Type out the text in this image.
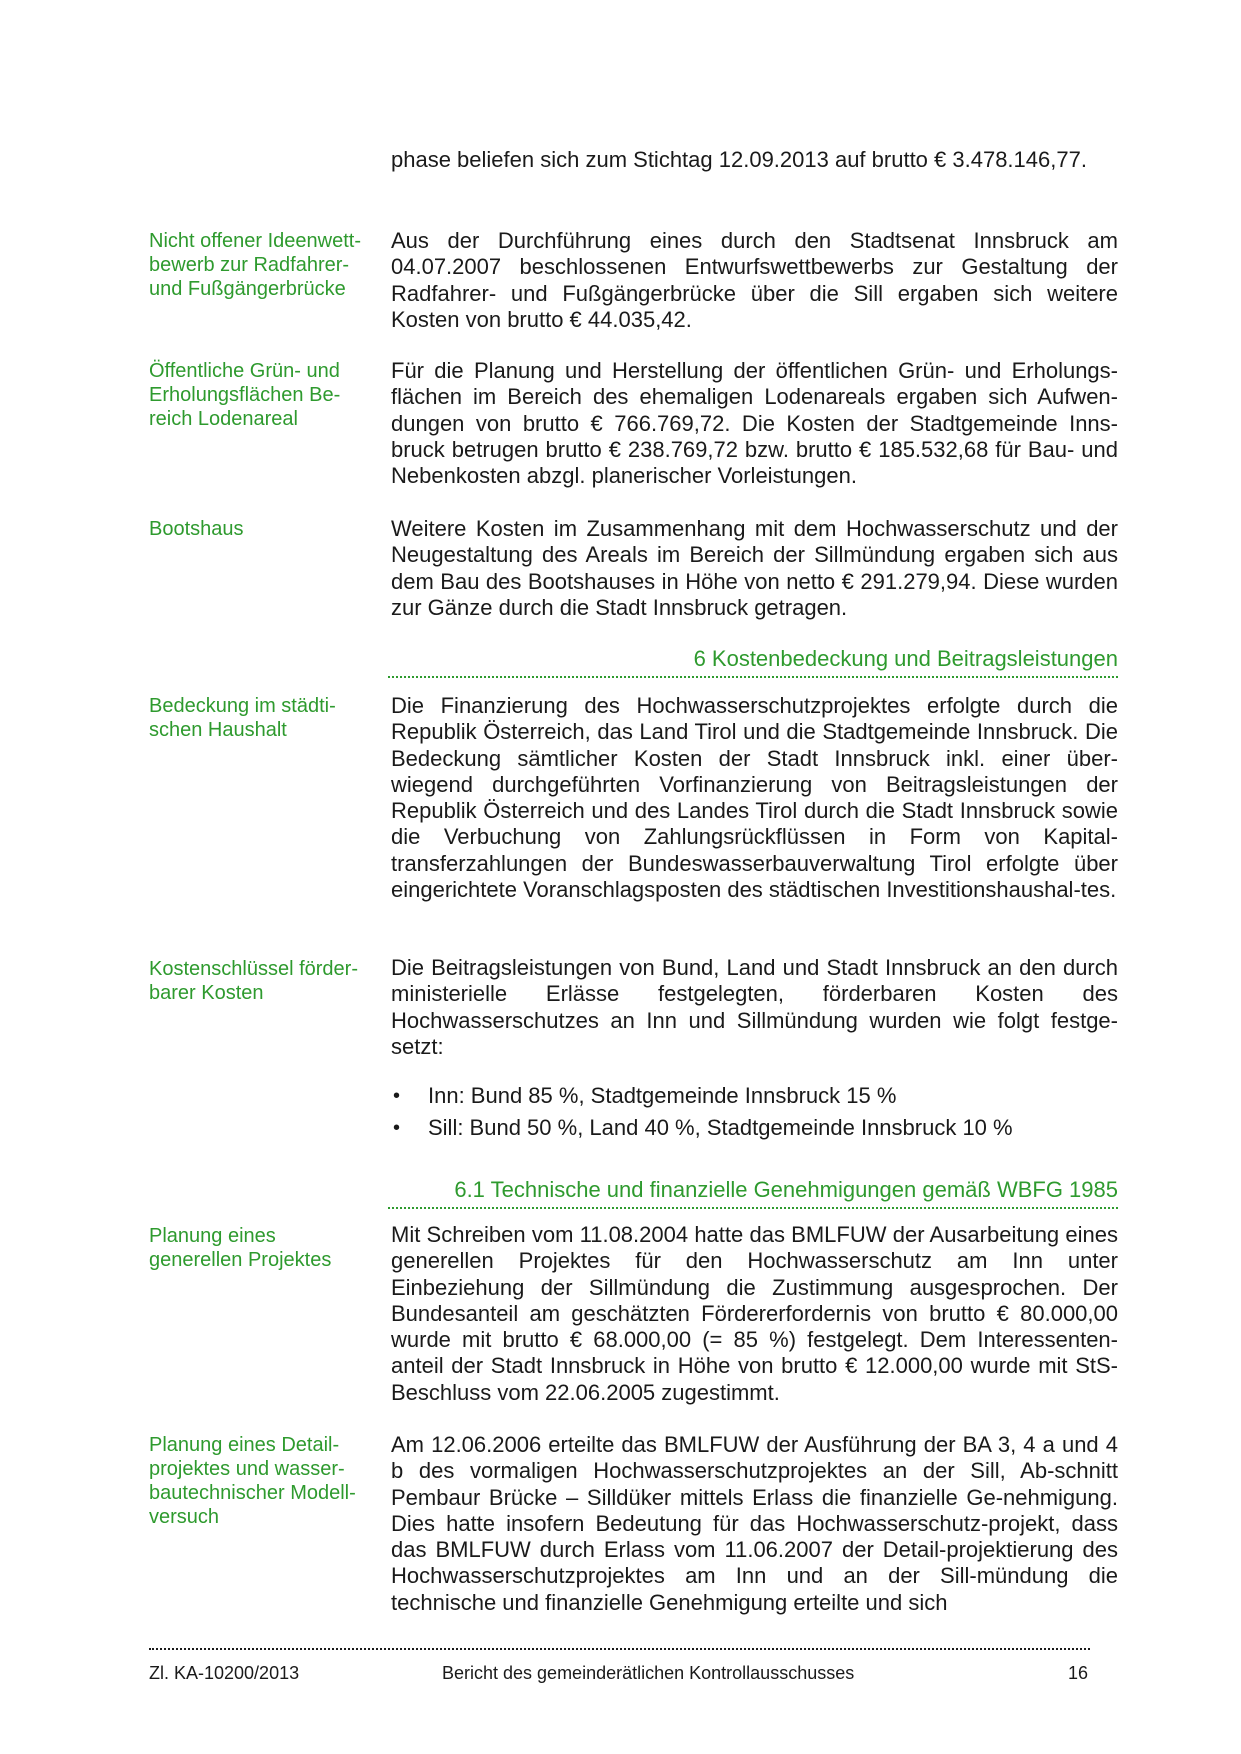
phase beliefen sich zum Stichtag 12.09.2013 auf brutto € 3.478.146,77.

Nicht offener Ideenwett-bewerb zur Radfahrer- und Fußgängerbrücke

Aus der Durchführung eines durch den Stadtsenat Innsbruck am 04.07.2007 beschlossenen Entwurfswettbewerbs zur Gestaltung der Radfahrer- und Fußgängerbrücke über die Sill ergaben sich weitere Kosten von brutto € 44.035,42.

Öffentliche Grün- und Erholungsflächen Be-reich Lodenareal

Für die Planung und Herstellung der öffentlichen Grün- und Erholungs-flächen im Bereich des ehemaligen Lodenareals ergaben sich Aufwen-dungen von brutto € 766.769,72. Die Kosten der Stadtgemeinde Inns-bruck betrugen brutto € 238.769,72 bzw. brutto € 185.532,68 für Bau- und Nebenkosten abzgl. planerischer Vorleistungen.

Bootshaus	Weitere Kosten im Zusammenhang mit dem Hochwasserschutz und der Neugestaltung des Areals im Bereich der Sillmündung ergaben sich aus dem Bau des Bootshauses in Höhe von netto € 291.279,94. Diese wurden zur Gänze durch die Stadt Innsbruck getragen.

6 Kostenbedeckung und Beitragsleistungen
Bedeckung im städti-schen Haushalt

Die Finanzierung des Hochwasserschutzprojektes erfolgte durch die Republik Österreich, das Land Tirol und die Stadtgemeinde Innsbruck. Die Bedeckung sämtlicher Kosten der Stadt Innsbruck inkl. einer über-wiegend durchgeführten Vorfinanzierung von Beitragsleistungen der Republik Österreich und des Landes Tirol durch die Stadt Innsbruck sowie die Verbuchung von Zahlungsrückflüssen in Form von Kapital-transferzahlungen der Bundeswasserbauverwaltung Tirol erfolgte über eingerichtete Voranschlagsposten des städtischen Investitionshaushal-tes.

Kostenschlüssel förder-barer Kosten

Die Beitragsleistungen von Bund, Land und Stadt Innsbruck an den durch ministerielle Erlässe festgelegten, förderbaren Kosten des Hochwasserschutzes an Inn und Sillmündung wurden wie folgt festge-setzt:

• Inn: Bund 85 %, Stadtgemeinde Innsbruck 15 %
• Sill: Bund 50 %, Land 40 %, Stadtgemeinde Innsbruck 10 %
6.1 Technische und finanzielle Genehmigungen gemäß WBFG 1985
Planung eines generellen Projektes

Mit Schreiben vom 11.08.2004 hatte das BMLFUW der Ausarbeitung eines generellen Projektes für den Hochwasserschutz am Inn unter Einbeziehung der Sillmündung die Zustimmung ausgesprochen. Der Bundesanteil am geschätzten Fördererfordernis von brutto € 80.000,00 wurde mit brutto € 68.000,00 (= 85 %) festgelegt. Dem Interessenten-anteil der Stadt Innsbruck in Höhe von brutto € 12.000,00 wurde mit StS-Beschluss vom 22.06.2005 zugestimmt.

Planung eines Detail-projektes und wasser-bautechnischer Modell-versuch

Am 12.06.2006 erteilte das BMLFUW der Ausführung der BA 3, 4 a und 4 b des vormaligen Hochwasserschutzprojektes an der Sill, Ab-schnitt Pembaur Brücke – Silldüker mittels Erlass die finanzielle Ge-nehmigung. Dies hatte insofern Bedeutung für das Hochwasserschutz-projekt, dass das BMLFUW durch Erlass vom 11.06.2007 der Detail-projektierung des Hochwasserschutzprojektes am Inn und an der Sill-mündung die technische und finanzielle Genehmigung erteilte und sich

Zl. KA-10200/2013	Bericht des gemeinderätlichen Kontrollausschusses	16
